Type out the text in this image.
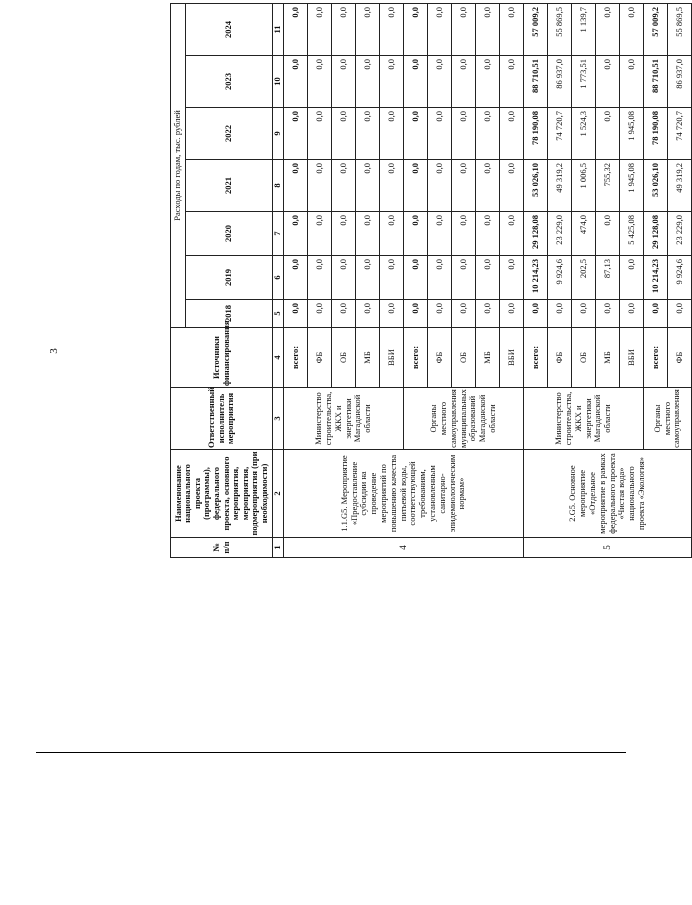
3
№ п/п	Наименование национального проекта (программы), федерального проекта, основного мероприятия, мероприятия, подмероприятия (при необходимости)	Ответственный исполнитель мероприятия	Источники финансирования	Расходы по годам, тыс. рублей						
				2018	2019	2020	2021	2022	2023	2024
1	2	3	4	5	6	7	8	9	10	11
4	1.1.G5. Мероприятие «Предоставление субсидии на проведение мероприятий по повышению качества питьевой воды, соответствующей требованиям, установленным санитарно-эпидемиологическим нормам»	Министерство строительства, ЖКХ и энергетики Магаданской области	всего:	0,0	0,0	0,0	0,0	0,0	0,0	0,0
			ФБ	0,0	0,0	0,0	0,0	0,0	0,0	0,0
			ОБ	0,0	0,0	0,0	0,0	0,0	0,0	0,0
			МБ	0,0	0,0	0,0	0,0	0,0	0,0	0,0
			ВБИ	0,0	0,0	0,0	0,0	0,0	0,0	0,0
		Органы местного самоуправления муниципальных образований Магаданской области	всего:	0,0	0,0	0,0	0,0	0,0	0,0	0,0
			ФБ	0,0	0,0	0,0	0,0	0,0	0,0	0,0
			ОБ	0,0	0,0	0,0	0,0	0,0	0,0	0,0
			МБ	0,0	0,0	0,0	0,0	0,0	0,0	0,0
			ВБИ	0,0	0,0	0,0	0,0	0,0	0,0	0,0
5	2.G5. Основное мероприятие «Отдельное мероприятие в рамках федерального проекта «Чистая вода» национального проекта «Экология»	Министерство строительства, ЖКХ и энергетики Магаданской области	всего:	0,0	10 214,23	29 128,08	53 026,10	78 190,08	88 710,51	57 009,2
			ФБ	0,0	9 924,6	23 229,0	49 319,2	74 720,7	86 937,0	55 869,5
			ОБ	0,0	202,5	474,0	1 006,5	1 524,3	1 773,51	1 139,7
			МБ	0,0	87,13	0,0	755,32	0,0	0,0	0,0
			ВБИ	0,0	0,0	5 425,08	1 945,08	1 945,08	0,0	0,0
		Органы местного самоуправления	всего:	0,0	10 214,23	29 128,08	53 026,10	78 190,08	88 710,51	57 009,2
			ФБ	0,0	9 924,6	23 229,0	49 319,2	74 720,7	86 937,0	55 869,5
